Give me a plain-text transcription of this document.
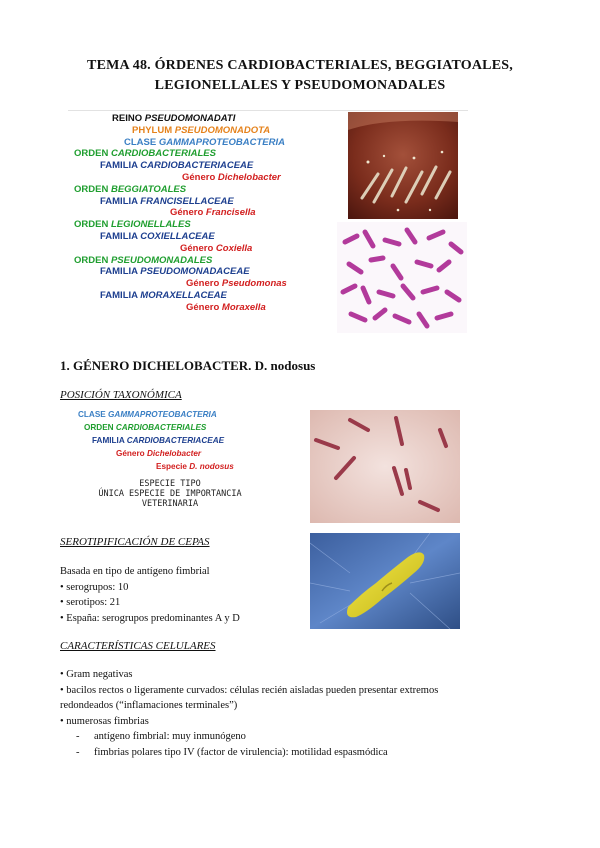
TEMA 48. ÓRDENES CARDIOBACTERIALES, BEGGIATOALES,
LEGIONELLALES Y PSEUDOMONADALES
REINO PSEUDOMONADATI
PHYLUM PSEUDOMONADOTA
CLASE GAMMAPROTEOBACTERIA
ORDEN CARDIOBACTERIALES
FAMILIA CARDIOBACTERIACEAE
Género Dichelobacter
ORDEN BEGGIATOALES
FAMILIA FRANCISELLACEAE
Género Francisella
ORDEN LEGIONELLALES
FAMILIA COXIELLACEAE
Género Coxiella
ORDEN PSEUDOMONADALES
FAMILIA PSEUDOMONADACEAE
Género Pseudomonas
FAMILIA MORAXELLACEAE
Género Moraxella
1. GÉNERO DICHELOBACTER. D. nodosus
POSICIÓN TAXONÓMICA
CLASE GAMMAPROTEOBACTERIA
ORDEN CARDIOBACTERIALES
FAMILIA CARDIOBACTERIACEAE
Género Dichelobacter
Especie D. nodosus
ESPECIE TIPO
ÚNICA ESPECIE DE IMPORTANCIA
VETERINARIA
SEROTIPIFICACIÓN DE CEPAS
Basada en tipo de antígeno fimbrial
• serogrupos: 10
• serotipos: 21
• España: serogrupos predominantes A y D
CARACTERÍSTICAS CELULARES
• Gram negativas
• bacilos rectos o ligeramente curvados: células recién aisladas pueden presentar extremos
redondeados (“inflamaciones terminales”)
• numerosas fimbrias
- antígeno fimbrial: muy inmunógeno
- fimbrias polares tipo IV (factor de virulencia): motilidad espasmódica
